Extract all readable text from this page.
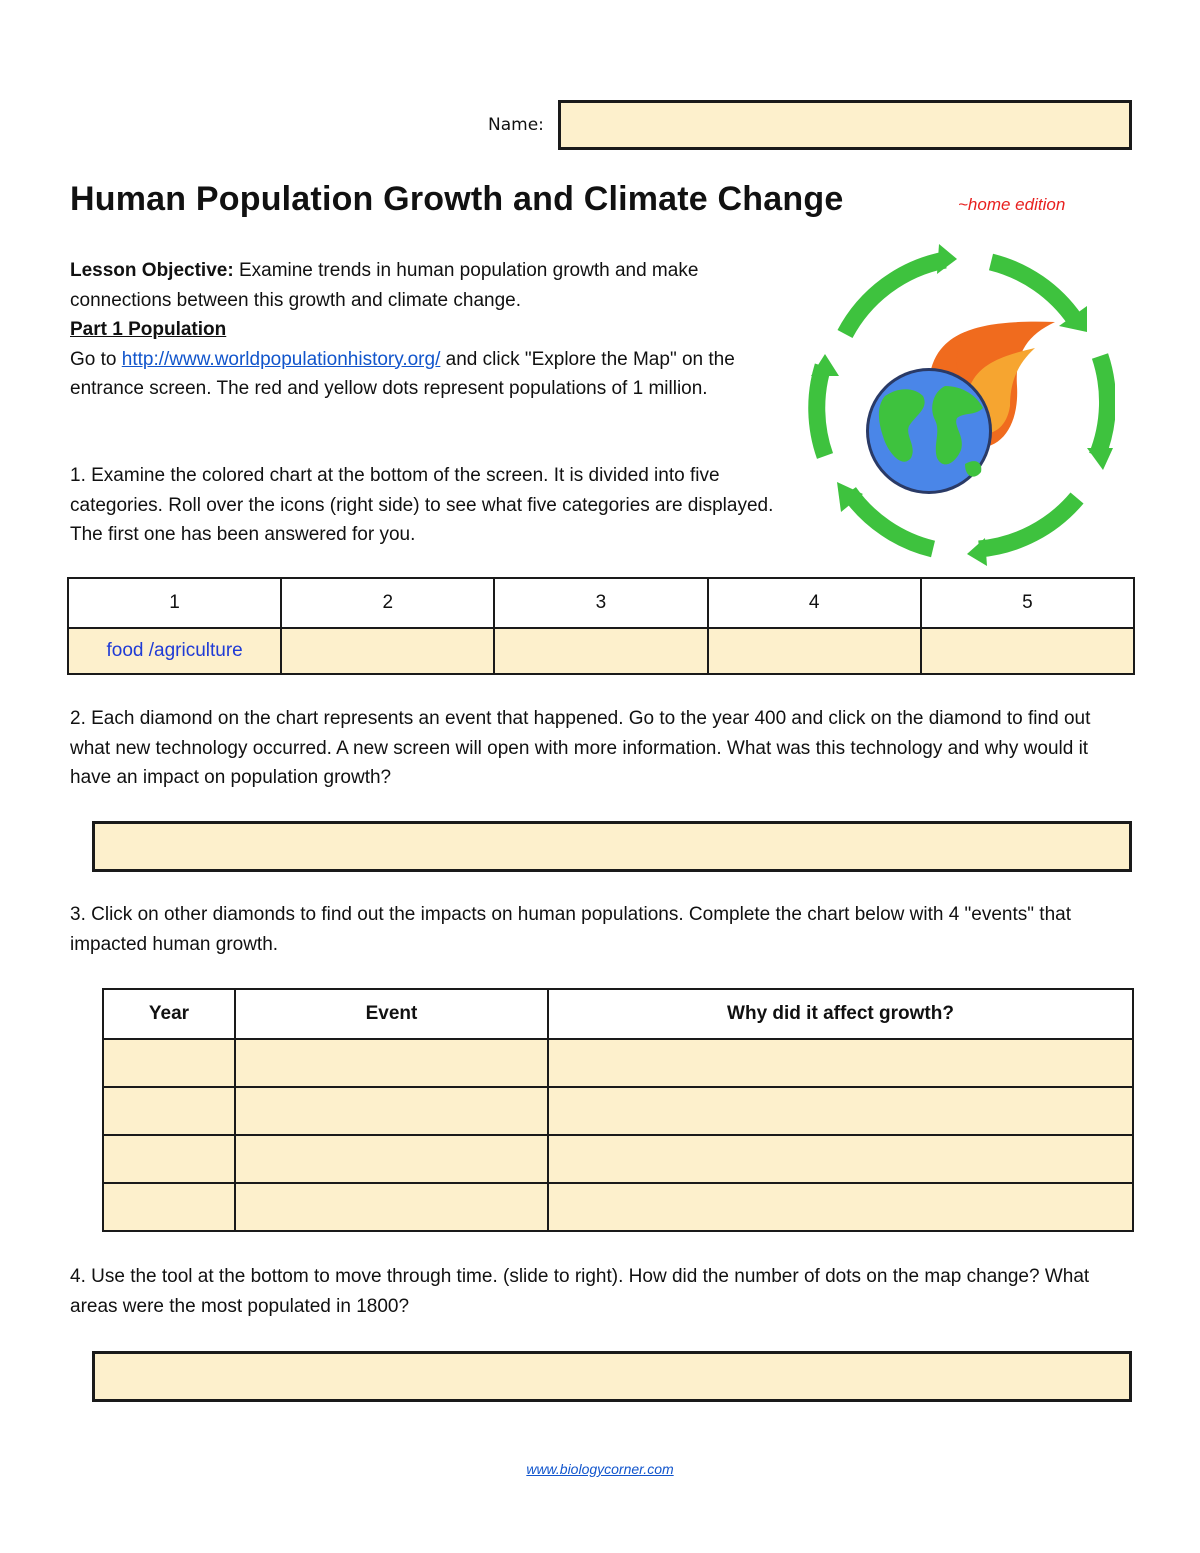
Name:
Human Population Growth and Climate Change	~home edition
Lesson Objective: Examine trends in human population growth and make connections between this growth and climate change.
Part 1 Population
Go to http://www.worldpopulationhistory.org/ and click "Explore the Map" on the entrance screen. The red and yellow dots represent populations of 1 million.
1. Examine the colored chart at the bottom of the screen. It is divided into five categories. Roll over the icons (right side) to see what five categories are displayed. The first one has been answered for you.
1	2	3	4	5
food /agriculture				
2. Each diamond on the chart represents an event that happened. Go to the year 400 and click on the diamond to find out what new technology occurred. A new screen will open with more information. What was this technology and why would it have an impact on population growth?
3. Click on other diamonds to find out the impacts on human populations. Complete the chart below with 4 "events" that impacted human growth.
Year	Event	Why did it affect growth?

4. Use the tool at the bottom to move through time. (slide to right). How did the number of dots on the map change? What areas were the most populated in 1800?
www.biologycorner.com
